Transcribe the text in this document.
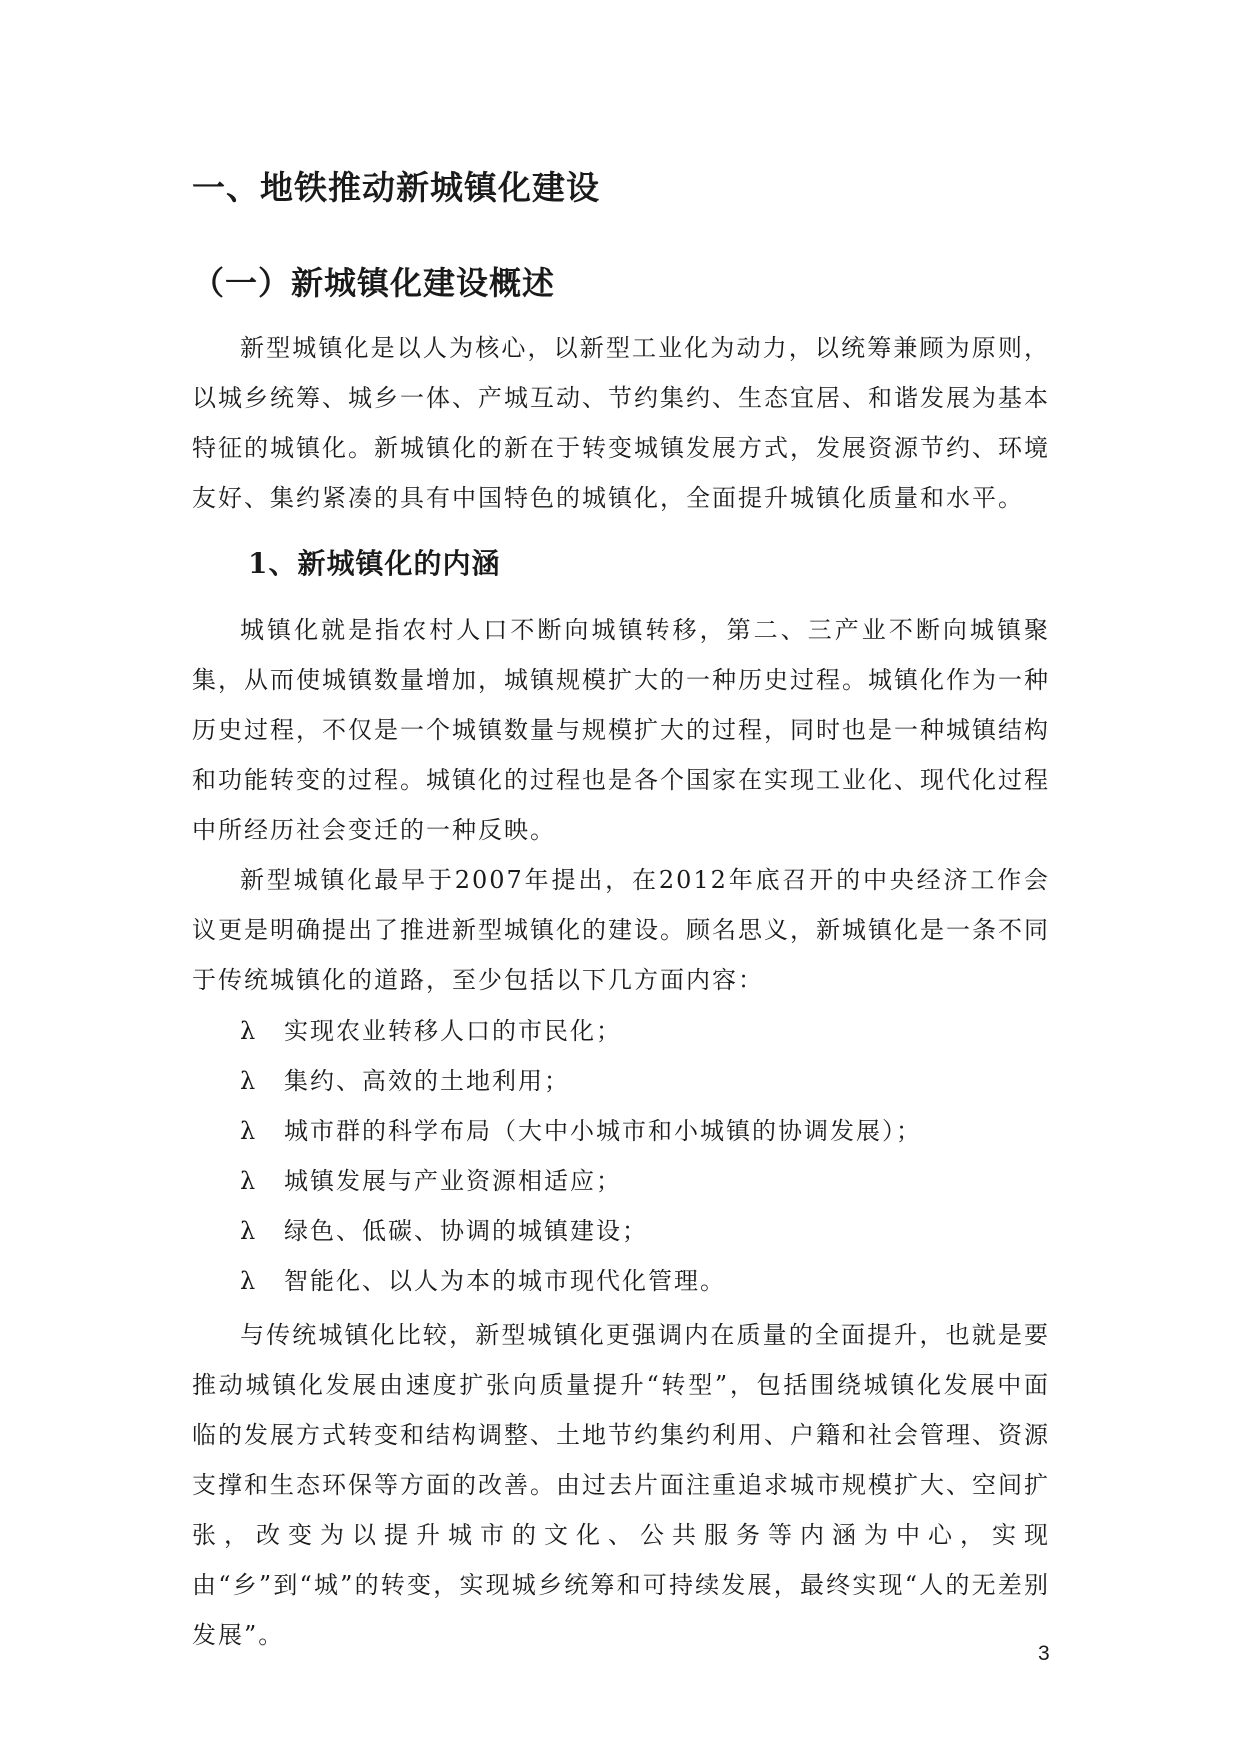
一、地铁推动新城镇化建设
（一）新城镇化建设概述
新型城镇化是以人为核心，以新型工业化为动力，以统筹兼顾为原则，以城乡统筹、城乡一体、产城互动、节约集约、生态宜居、和谐发展为基本特征的城镇化。新城镇化的新在于转变城镇发展方式，发展资源节约、环境友好、集约紧凑的具有中国特色的城镇化，全面提升城镇化质量和水平。
1、新城镇化的内涵
城镇化就是指农村人口不断向城镇转移，第二、三产业不断向城镇聚集，从而使城镇数量增加，城镇规模扩大的一种历史过程。城镇化作为一种历史过程，不仅是一个城镇数量与规模扩大的过程，同时也是一种城镇结构和功能转变的过程。城镇化的过程也是各个国家在实现工业化、现代化过程中所经历社会变迁的一种反映。
新型城镇化最早于2007年提出，在2012年底召开的中央经济工作会议更是明确提出了推进新型城镇化的建设。顾名思义，新城镇化是一条不同于传统城镇化的道路，至少包括以下几方面内容：
λ	实现农业转移人口的市民化；
λ	集约、高效的土地利用；
λ	城市群的科学布局（大中小城市和小城镇的协调发展）；
λ	城镇发展与产业资源相适应；
λ	绿色、低碳、协调的城镇建设；
λ	智能化、以人为本的城市现代化管理。
与传统城镇化比较，新型城镇化更强调内在质量的全面提升，也就是要推动城镇化发展由速度扩张向质量提升“转型”，包括围绕城镇化发展中面临的发展方式转变和结构调整、土地节约集约利用、户籍和社会管理、资源支撑和生态环保等方面的改善。由过去片面注重追求城市规模扩大、空间扩张，改变为以提升城市的文化、公共服务等内涵为中心，实现由“乡”到“城”的转变，实现城乡统筹和可持续发展，最终实现“人的无差别发展”。
3
